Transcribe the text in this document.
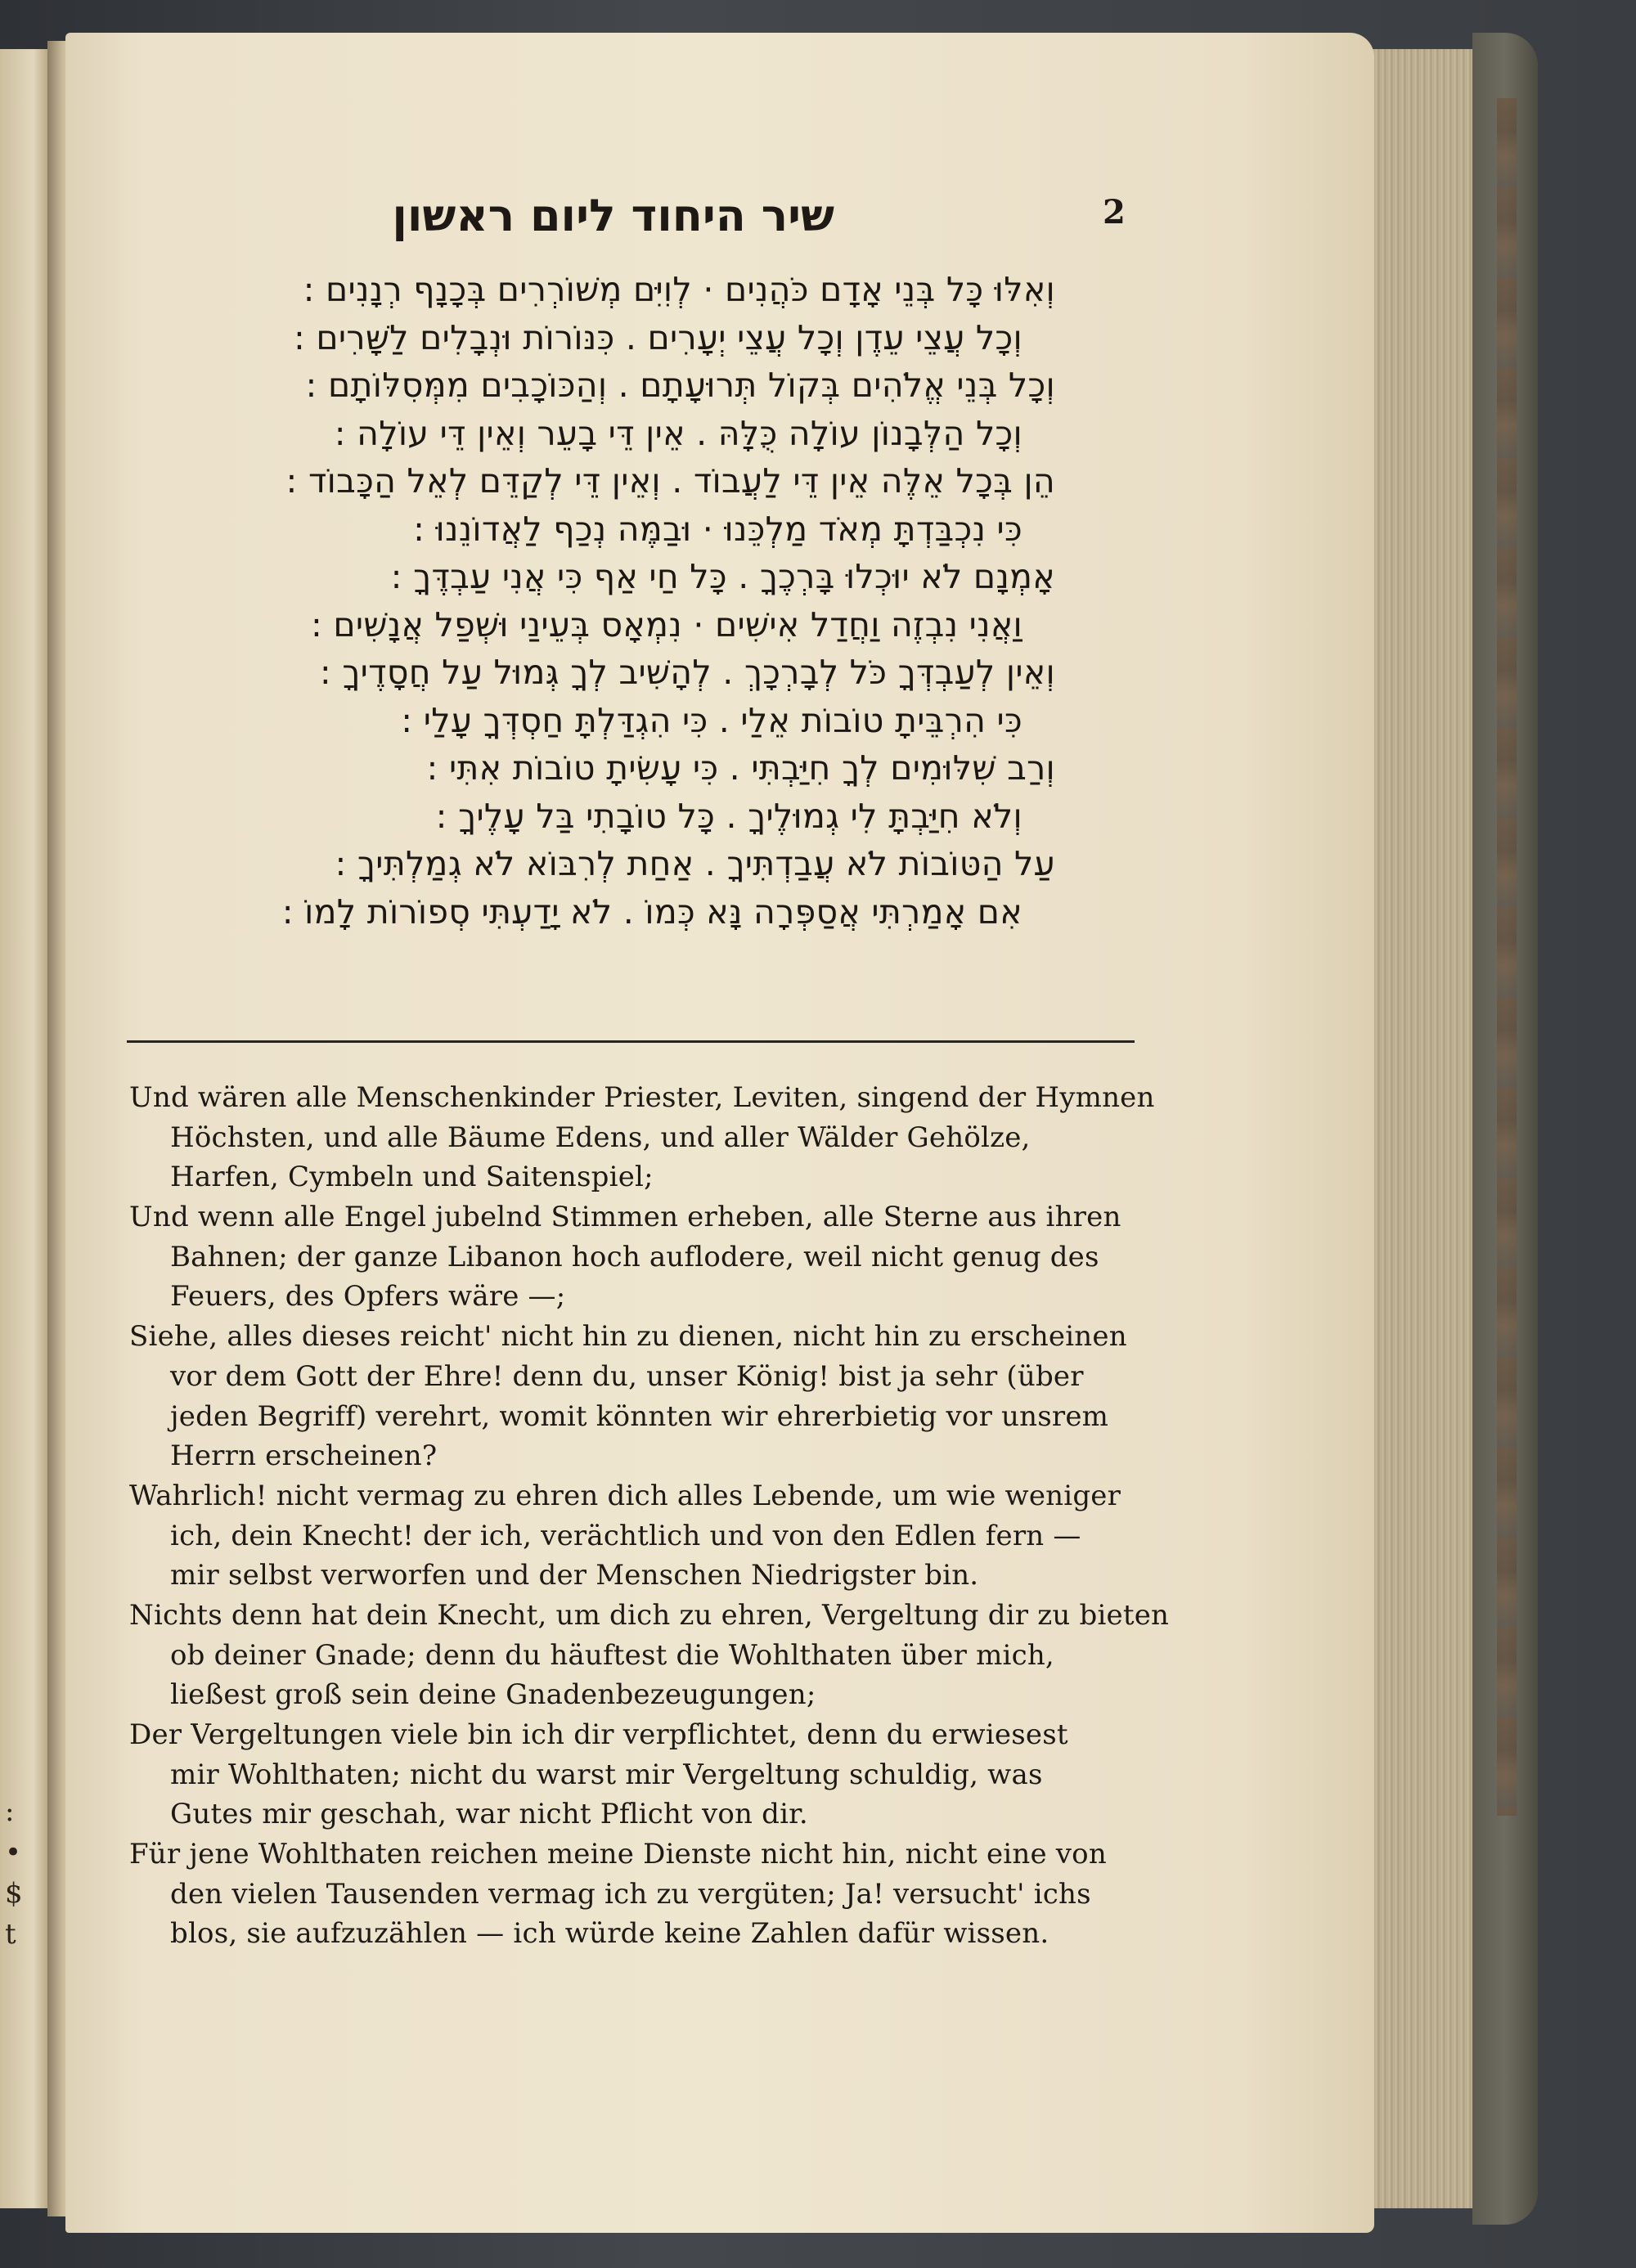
:
•
$
t
2
שיר היחוד ליום ראשון
וְאִלּוּ כָּל בְּנֵי אָדָם כֹּהֲנִים · לְוִיִּם מְשׁוֹרְרִים בְּכָנָף רְנָנִים :
וְכָל עֲצֵי עֵדֶן וְכָל עֲצֵי יְעָרִים . כִּנּוֹרוֹת וּנְבָלִים לַשָּׁרִים :
וְכָל בְּנֵי אֱלֹהִים בְּקוֹל תְּרוּעָתָם . וְהַכּוֹכָבִים מִמְּסִלּוֹתָם :
וְכָל הַלְּבָנוֹן עוֹלָה כֻּלָּהּ . אֵין דֵּי בָעֵר וְאֵין דֵּי עוֹלָה :
הֵן בְּכָל אֵלֶּה אֵין דֵּי לַעֲבוֹד . וְאֵין דֵּי לְקַדֵּם לְאֵל הַכָּבוֹד :
כִּי נִכְבַּדְתָּ מְאֹד מַלְכֵּנוּ · וּבַמֶּה נְכַף לַאֲדוֹנֵנוּ :
אָמְנָם לֹא יוּכְלוּ בָּרְכֶךָ . כָּל חַי אַף כִּי אֲנִי עַבְדֶּךָ :
וַאֲנִי נִבְזֶה וַחֲדַל אִישִׁים · נִמְאָס בְּעֵינַי וּשְׁפַל אֲנָשִׁים :
וְאֵין לְעַבְדְּךָ כֹּל לְבָרְכָךְ . לְהָשִׁיב לְךָ גְּמוּל עַל חֲסָדֶיךָ :
כִּי הִרְבֵּיתָ טוֹבוֹת אֵלַי . כִּי הִגְדַּלְתָּ חַסְדְּךָ עָלַי :
וְרַב שִׁלּוּמִים לְךָ חִיַּבְתִּי . כִּי עָשִׂיתָ טוֹבוֹת אִתִּי :
וְלֹא חִיַּבְתָּ לִי גְמוּלֶיךָ . כָּל טוֹבָתִי בַּל עָלֶיךָ :
עַל הַטּוֹבוֹת לֹא עֲבַדְתִּיךָ . אַחַת לְרִבּוֹא לֹא גְמַלְתִּיךָ :
אִם אָמַרְתִּי אֲסַפְּרָה נָּא כְּמוֹ . לֹא יָדַעְתִּי סְפוֹרוֹת לָמוֹ :
Und wären alle Menschenkinder Priester, Leviten, singend der Hymnen
Höchsten, und alle Bäume Edens, und aller Wälder Gehölze,
Harfen, Cymbeln und Saitenspiel;
Und wenn alle Engel jubelnd Stimmen erheben, alle Sterne aus ihren
Bahnen; der ganze Libanon hoch auflodere, weil nicht genug des
Feuers, des Opfers wäre —;
Siehe, alles dieses reicht' nicht hin zu dienen, nicht hin zu erscheinen
vor dem Gott der Ehre! denn du, unser König! bist ja sehr (über
jeden Begriff) verehrt, womit könnten wir ehrerbietig vor unsrem
Herrn erscheinen?
Wahrlich! nicht vermag zu ehren dich alles Lebende, um wie weniger
ich, dein Knecht! der ich, verächtlich und von den Edlen fern —
mir selbst verworfen und der Menschen Niedrigster bin.
Nichts denn hat dein Knecht, um dich zu ehren, Vergeltung dir zu bieten
ob deiner Gnade; denn du häuftest die Wohlthaten über mich,
ließest groß sein deine Gnadenbezeugungen;
Der Vergeltungen viele bin ich dir verpflichtet, denn du erwiesest
mir Wohlthaten; nicht du warst mir Vergeltung schuldig, was
Gutes mir geschah, war nicht Pflicht von dir.
Für jene Wohlthaten reichen meine Dienste nicht hin, nicht eine von
den vielen Tausenden vermag ich zu vergüten; Ja! versucht' ichs
blos, sie aufzuzählen — ich würde keine Zahlen dafür wissen.
